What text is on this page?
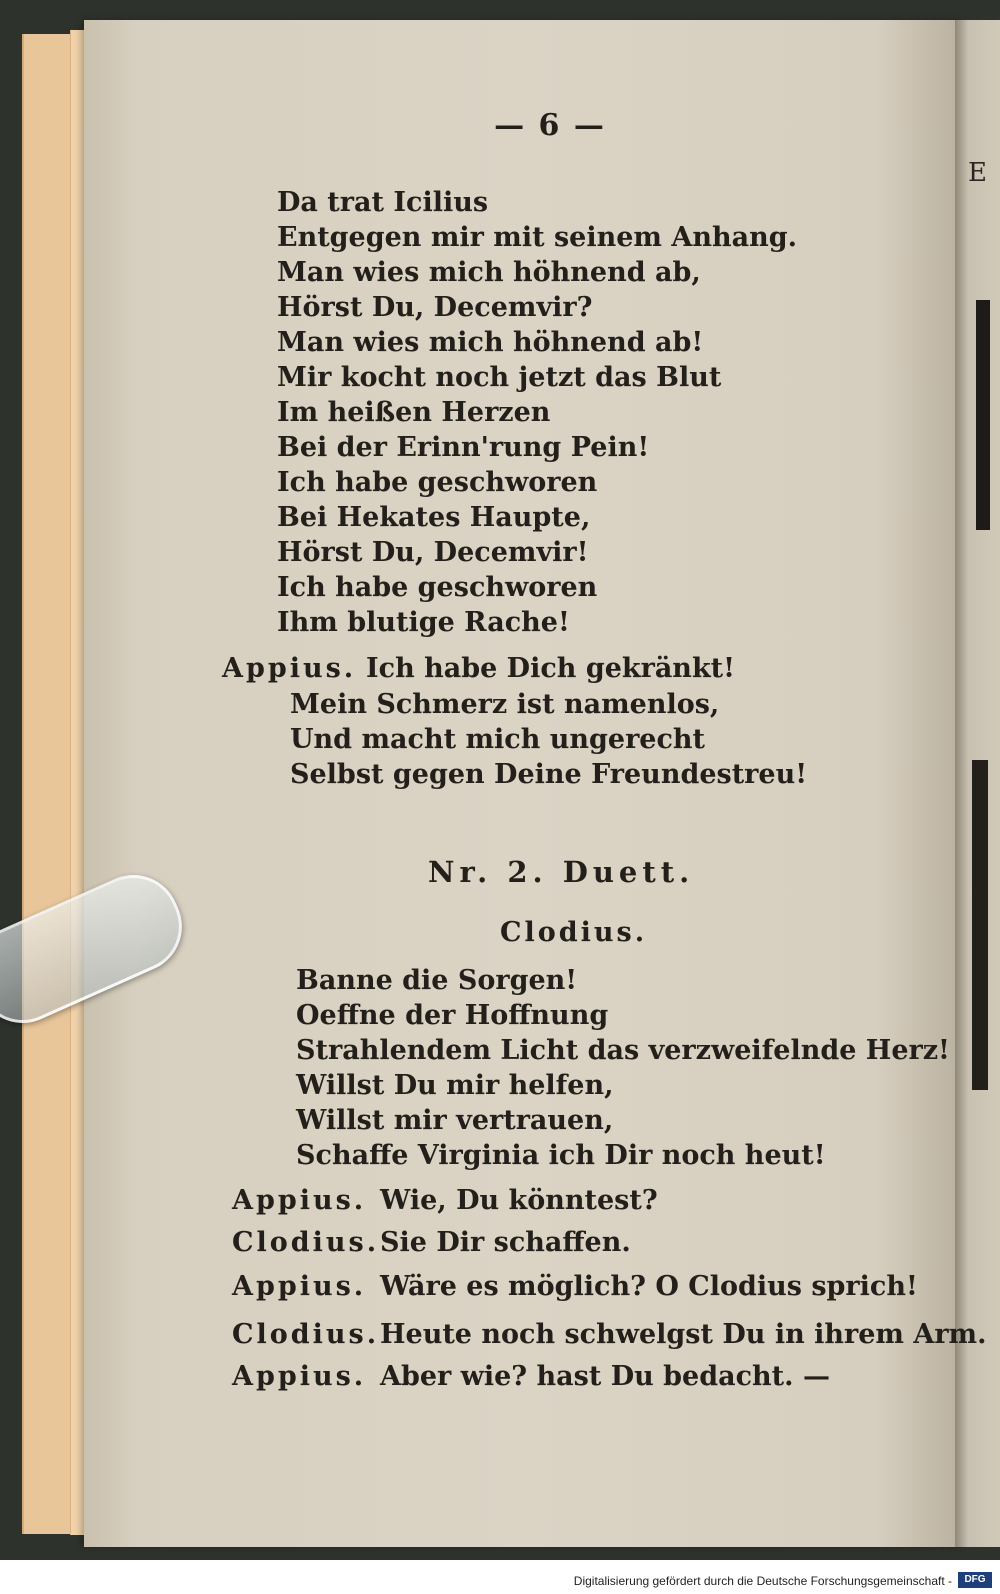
E
— 6 —
Da trat Icilius
Entgegen mir mit seinem Anhang.
Man wies mich höhnend ab,
Hörst Du, Decemvir?
Man wies mich höhnend ab!
Mir kocht noch jetzt das Blut
Im heißen Herzen
Bei der Erinn'rung Pein!
Ich habe geschworen
Bei Hekates Haupte,
Hörst Du, Decemvir!
Ich habe geschworen
Ihm blutige Rache!
Appius. Ich habe Dich gekränkt!
Mein Schmerz ist namenlos,
Und macht mich ungerecht
Selbst gegen Deine Freundestreu!
Nr. 2. Duett.
Clodius.
Banne die Sorgen!
Oeffne der Hoffnung
Strahlendem Licht das verzweifelnde Herz!
Willst Du mir helfen,
Willst mir vertrauen,
Schaffe Virginia ich Dir noch heut!
Appius. Wie, Du könntest?
Clodius. Sie Dir schaffen.
Appius. Wäre es möglich? O Clodius sprich!
Clodius. Heute noch schwelgst Du in ihrem Arm.
Appius. Aber wie? hast Du bedacht. —
Digitalisierung gefördert durch die Deutsche Forschungsgemeinschaft -	DFG
